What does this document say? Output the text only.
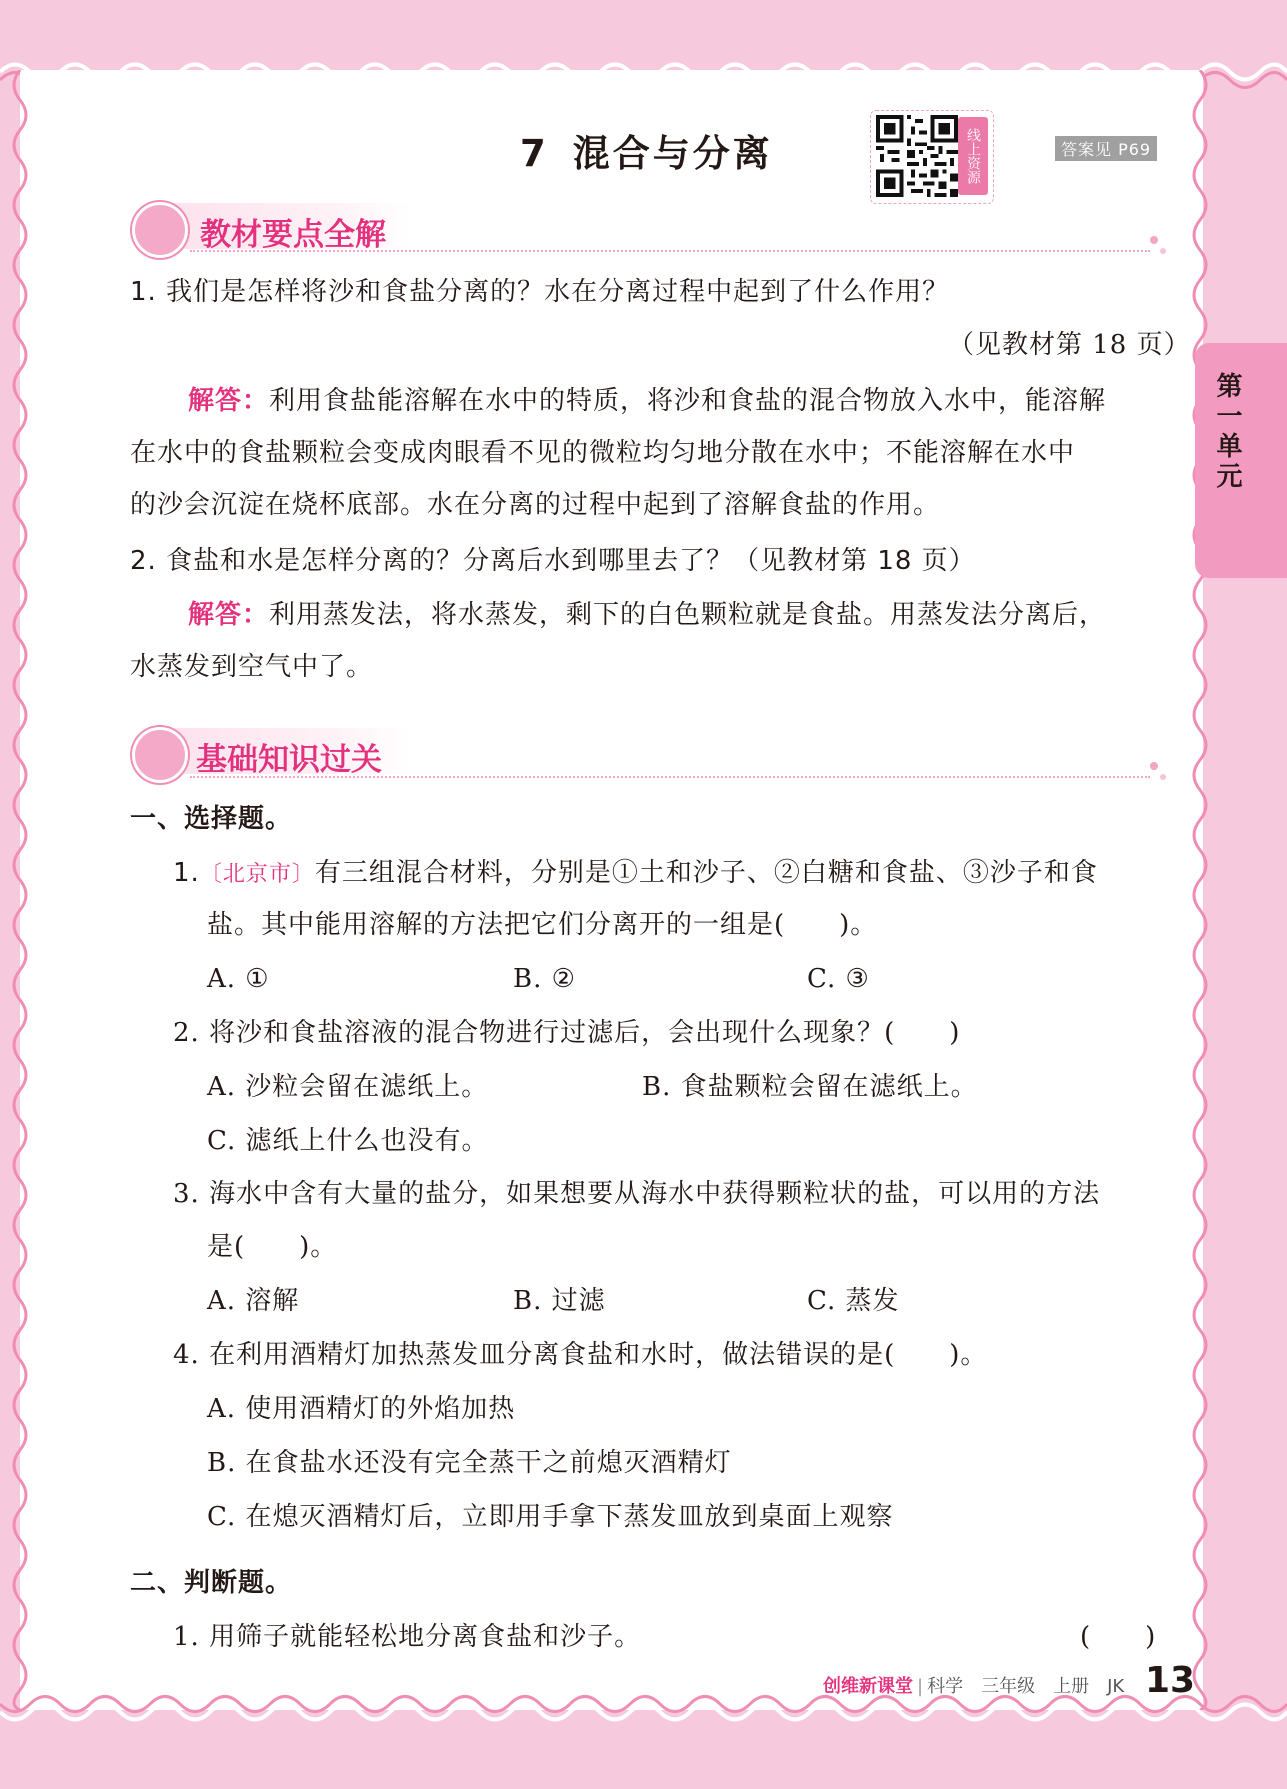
第一单元
7 混合与分离	线上资源	答案见 P69
教材要点全解
1. 我们是怎样将沙和食盐分离的？水在分离过程中起到了什么作用？
（见教材第 18 页）
解答：利用食盐能溶解在水中的特质，将沙和食盐的混合物放入水中，能溶解
在水中的食盐颗粒会变成肉眼看不见的微粒均匀地分散在水中；不能溶解在水中
的沙会沉淀在烧杯底部。水在分离的过程中起到了溶解食盐的作用。
2. 食盐和水是怎样分离的？分离后水到哪里去了？（见教材第 18 页）
解答：利用蒸发法，将水蒸发，剩下的白色颗粒就是食盐。用蒸发法分离后，
水蒸发到空气中了。
基础知识过关
一、选择题。
1.〔北京市〕有三组混合材料，分别是①土和沙子、②白糖和食盐、③沙子和食
盐。其中能用溶解的方法把它们分离开的一组是(　　)。
A. ①	B. ②	C. ③
2. 将沙和食盐溶液的混合物进行过滤后，会出现什么现象？(　　)
A. 沙粒会留在滤纸上。	B. 食盐颗粒会留在滤纸上。
C. 滤纸上什么也没有。
3. 海水中含有大量的盐分，如果想要从海水中获得颗粒状的盐，可以用的方法
是(　　)。
A. 溶解	B. 过滤	C. 蒸发
4. 在利用酒精灯加热蒸发皿分离食盐和水时，做法错误的是(　　)。
A. 使用酒精灯的外焰加热
B. 在食盐水还没有完全蒸干之前熄灭酒精灯
C. 在熄灭酒精灯后，立即用手拿下蒸发皿放到桌面上观察
二、判断题。
1. 用筛子就能轻松地分离食盐和沙子。	(　　)
创维新课堂 | 科学　三年级　上册　JK 13
